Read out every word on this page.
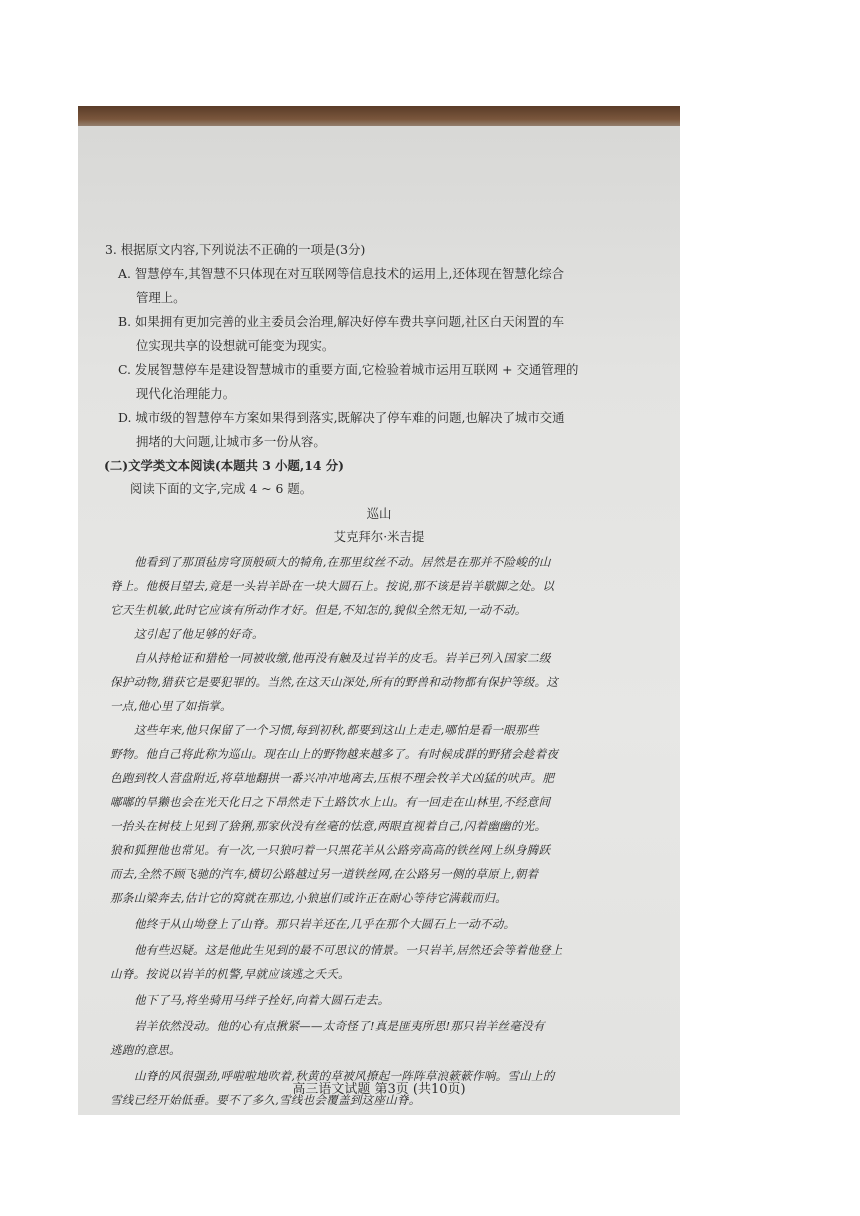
3. 根据原文内容,下列说法不正确的一项是(3分)
A. 智慧停车,其智慧不只体现在对互联网等信息技术的运用上,还体现在智慧化综合
管理上。
B. 如果拥有更加完善的业主委员会治理,解决好停车费共享问题,社区白天闲置的车
位实现共享的设想就可能变为现实。
C. 发展智慧停车是建设智慧城市的重要方面,它检验着城市运用互联网 + 交通管理的
现代化治理能力。
D. 城市级的智慧停车方案如果得到落实,既解决了停车难的问题,也解决了城市交通
拥堵的大问题,让城市多一份从容。
(二)文学类文本阅读(本题共 3 小题,14 分)
阅读下面的文字,完成 4 ~ 6 题。
巡山
艾克拜尔·米吉提
他看到了那頂毡房穹顶般硕大的犄角,在那里纹丝不动。居然是在那并不险峻的山
脊上。他极目望去,竟是一头岩羊卧在一块大圆石上。按说,那不该是岩羊歇脚之处。以
它天生机敏,此时它应该有所动作才好。但是,不知怎的,貌似全然无知,一动不动。
这引起了他足够的好奇。
自从持枪证和猎枪一同被收缴,他再没有触及过岩羊的皮毛。岩羊已列入国家二级
保护动物,猎获它是要犯罪的。当然,在这天山深处,所有的野兽和动物都有保护等级。这
一点,他心里了如指掌。
这些年来,他只保留了一个习惯,每到初秋,都要到这山上走走,哪怕是看一眼那些
野物。他自己将此称为巡山。现在山上的野物越来越多了。有时候成群的野猪会趁着夜
色跑到牧人营盘附近,将草地翻拱一番兴冲冲地离去,压根不理会牧羊犬凶猛的吠声。肥
嘟嘟的旱獭也会在光天化日之下昂然走下土路饮水上山。有一回走在山林里,不经意间
一抬头在树枝上见到了猞猁,那家伙没有丝毫的怯意,两眼直视着自己,闪着幽幽的光。
狼和狐狸他也常见。有一次,一只狼叼着一只黑花羊从公路旁高高的铁丝网上纵身腾跃
而去,全然不顾飞驰的汽车,横切公路越过另一道铁丝网,在公路另一侧的草原上,朝着
那条山梁奔去,估计它的窝就在那边,小狼崽们或许正在耐心等待它满载而归。
他终于从山坳登上了山脊。那只岩羊还在,几乎在那个大圆石上一动不动。
他有些迟疑。这是他此生见到的最不可思议的情景。一只岩羊,居然还会等着他登上
山脊。按说以岩羊的机警,早就应该逃之夭夭。
他下了马,将坐骑用马绊子拴好,向着大圆石走去。
岩羊依然没动。他的心有点揪紧——太奇怪了!真是匪夷所思!那只岩羊丝毫没有
逃跑的意思。
山脊的风很强劲,呼啦啦地吹着,秋黄的草被风撩起一阵阵草浪簌簌作响。雪山上的
雪线已经开始低垂。要不了多久,雪线也会覆盖到这座山脊。
高三语文试题 第3页 (共10页)
